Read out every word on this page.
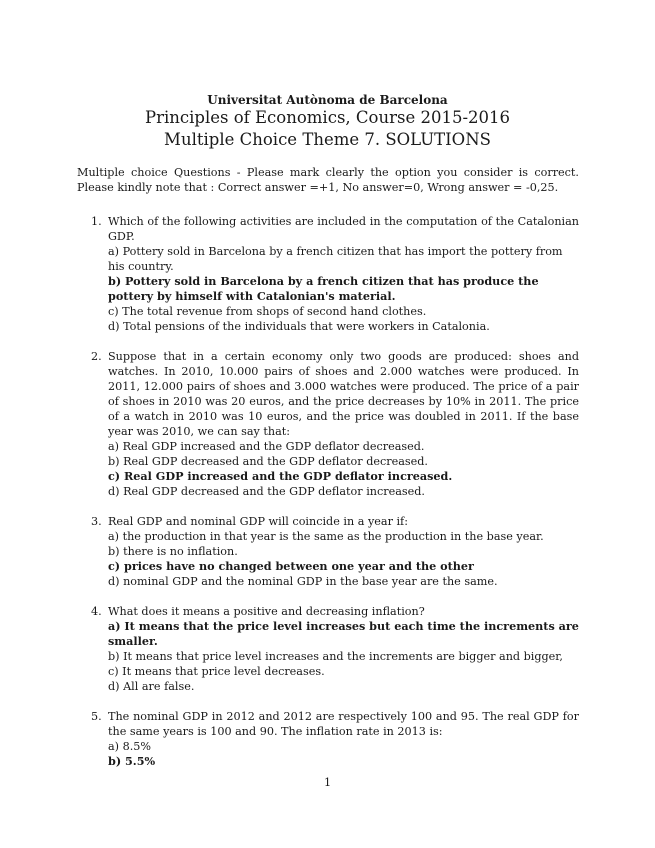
Universitat Autònoma de Barcelona
Principles of Economics, Course 2015-2016
Multiple Choice Theme 7. SOLUTIONS
Multiple choice Questions - Please mark clearly the option you consider is correct. Please kindly note that : Correct answer =+1, No answer=0, Wrong answer = -0,25.
1. Which of the following activities are included in the computation of the Catalonian GDP.
a) Pottery sold in Barcelona by a french citizen that has import the pottery from his country.
b) Pottery sold in Barcelona by a french citizen that has produce the pottery by himself with Catalonian's material.
c) The total revenue from shops of second hand clothes.
d) Total pensions of the individuals that were workers in Catalonia.
2. Suppose that in a certain economy only two goods are produced: shoes and watches. In 2010, 10.000 pairs of shoes and 2.000 watches were produced. In 2011, 12.000 pairs of shoes and 3.000 watches were produced. The price of a pair of shoes in 2010 was 20 euros, and the price decreases by 10% in 2011. The price of a watch in 2010 was 10 euros, and the price was doubled in 2011. If the base year was 2010, we can say that:
a) Real GDP increased and the GDP deflator decreased.
b) Real GDP decreased and the GDP deflator decreased.
c) Real GDP increased and the GDP deflator increased.
d) Real GDP decreased and the GDP deflator increased.
3. Real GDP and nominal GDP will coincide in a year if:
a) the production in that year is the same as the production in the base year.
b) there is no inflation.
c) prices have no changed between one year and the other
d) nominal GDP and the nominal GDP in the base year are the same.
4. What does it means a positive and decreasing inflation?
a) It means that the price level increases but each time the increments are smaller.
b) It means that price level increases and the increments are bigger and bigger,
c) It means that price level decreases.
d) All are false.
5. The nominal GDP in 2012 and 2012 are respectively 100 and 95. The real GDP for the same years is 100 and 90. The inflation rate in 2013 is:
a) 8.5%
b) 5.5%
1
